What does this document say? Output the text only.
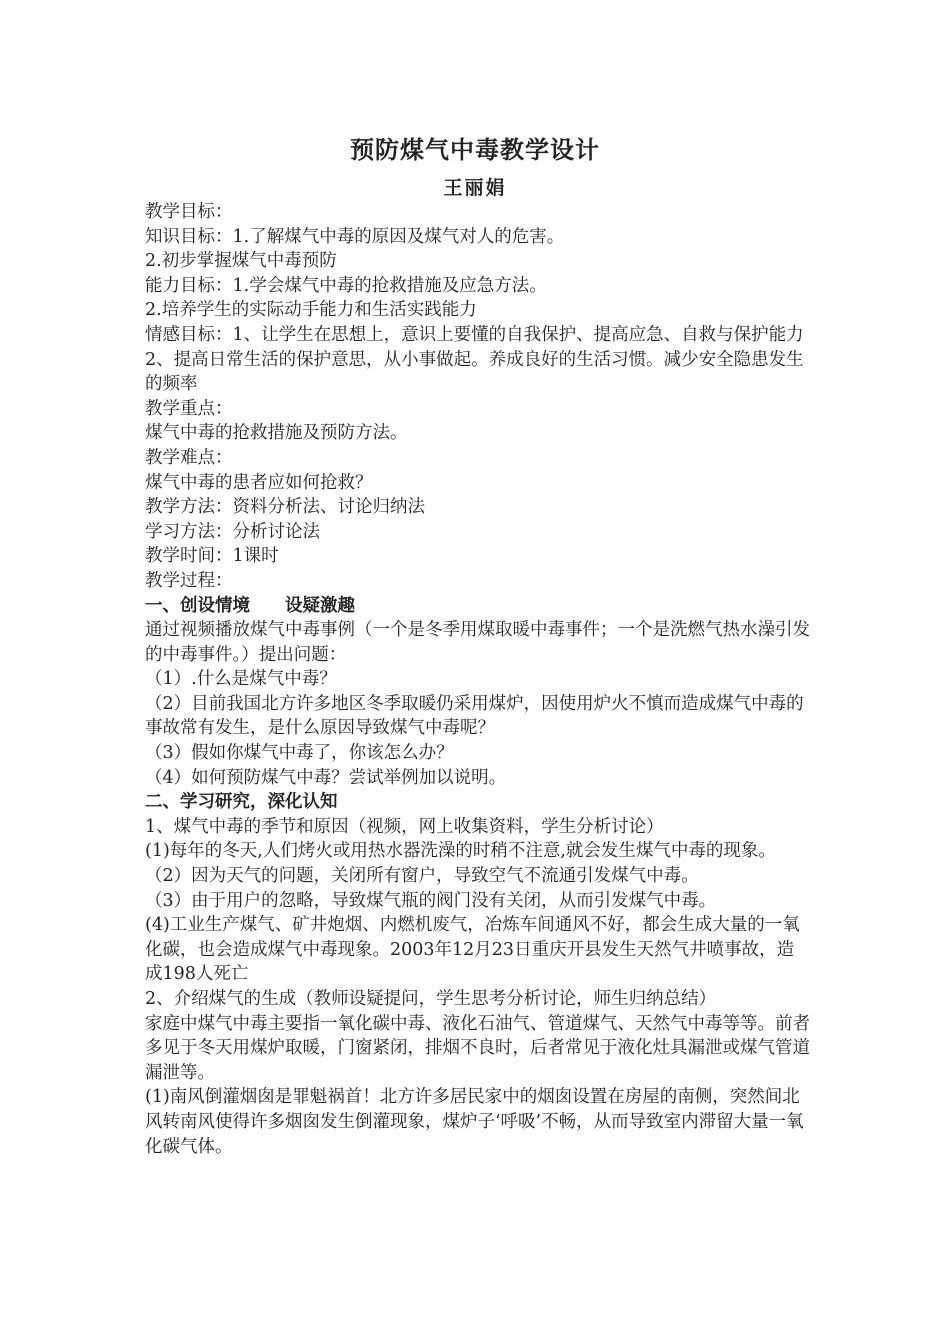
预防煤气中毒教学设计
王丽娟

教学目标：

知识目标：1.了解煤气中毒的原因及煤气对人的危害。

2.初步掌握煤气中毒预防

能力目标：1.学会煤气中毒的抢救措施及应急方法。

2.培养学生的实际动手能力和生活实践能力

情感目标：1、让学生在思想上，意识上要懂的自我保护、提高应急、自救与保护能力

2、提高日常生活的保护意思，从小事做起。养成良好的生活习惯。减少安全隐患发生的频率

教学重点：

煤气中毒的抢救措施及预防方法。

教学难点：

煤气中毒的患者应如何抢救？

教学方法：资料分析法、讨论归纳法

学习方法：分析讨论法

教学时间：1课时

教学过程：

一、创设情境　　设疑激趣

通过视频播放煤气中毒事例（一个是冬季用煤取暖中毒事件；一个是洗燃气热水澡引发的中毒事件。）提出问题：

（1）.什么是煤气中毒？

（2）目前我国北方许多地区冬季取暖仍采用煤炉，因使用炉火不慎而造成煤气中毒的事故常有发生，是什么原因导致煤气中毒呢？

（3）假如你煤气中毒了，你该怎么办？

（4）如何预防煤气中毒？尝试举例加以说明。

二、学习研究，深化认知

1、煤气中毒的季节和原因（视频，网上收集资料，学生分析讨论）

(1)每年的冬天,人们烤火或用热水器洗澡的时稍不注意,就会发生煤气中毒的现象。

（2）因为天气的问题，关闭所有窗户，导致空气不流通引发煤气中毒。

（3）由于用户的忽略，导致煤气瓶的阀门没有关闭，从而引发煤气中毒。

(4)工业生产煤气、矿井炮烟、内燃机废气，冶炼车间通风不好，都会生成大量的一氧化碳，也会造成煤气中毒现象。2003年12月23日重庆开县发生天然气井喷事故，造成198人死亡

2、介绍煤气的生成（教师设疑提问，学生思考分析讨论，师生归纳总结）

家庭中煤气中毒主要指一氧化碳中毒、液化石油气、管道煤气、天然气中毒等等。前者多见于冬天用煤炉取暖，门窗紧闭，排烟不良时，后者常见于液化灶具漏泄或煤气管道漏泄等。

(1)南风倒灌烟囱是罪魁祸首！北方许多居民家中的烟囱设置在房屋的南侧，突然间北风转南风使得许多烟囱发生倒灌现象，煤炉子‘呼吸’不畅，从而导致室内滞留大量一氧化碳气体。
